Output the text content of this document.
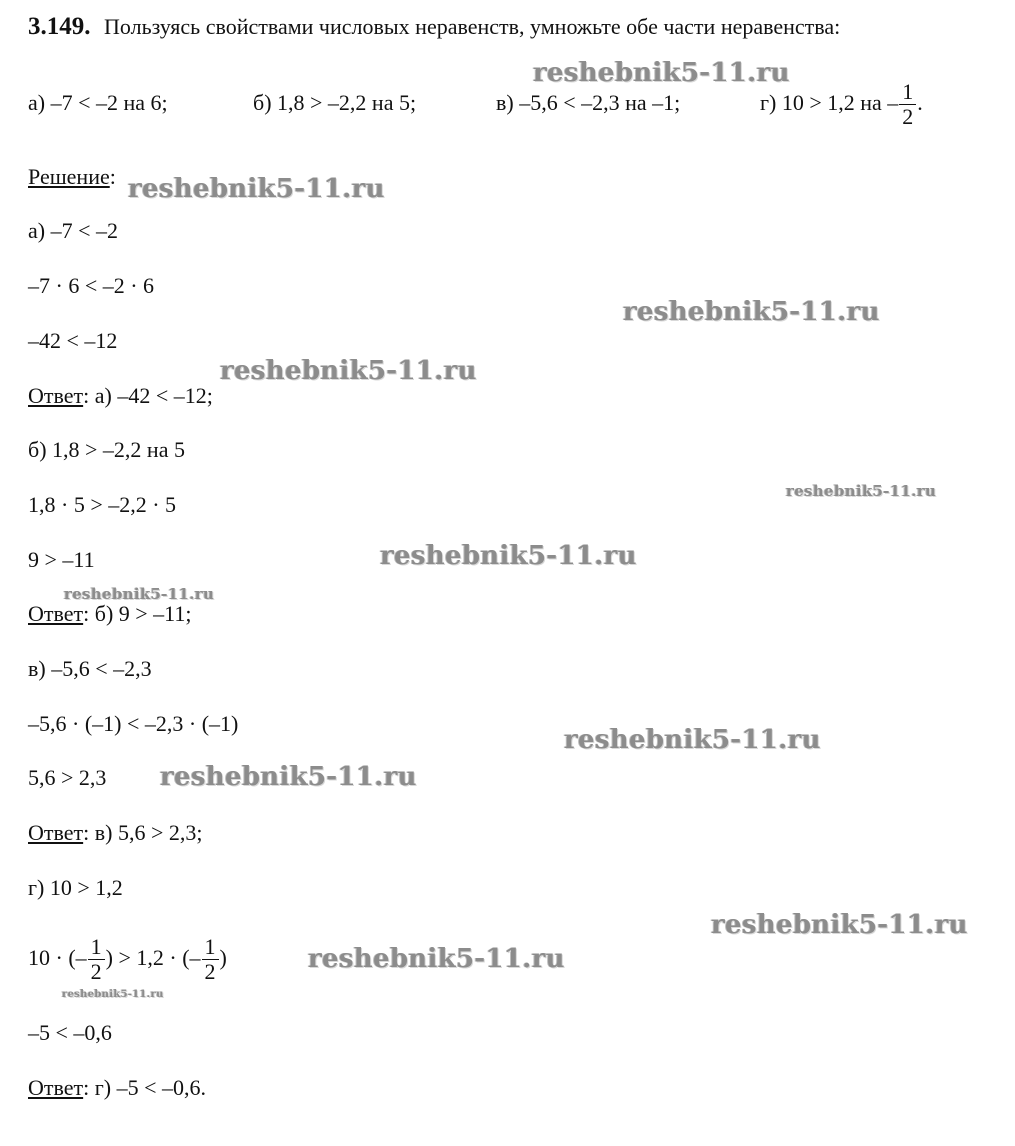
3.149. Пользуясь свойствами числовых неравенств, умножьте обе части неравенства:
а) –7 < –2 на 6;	б) 1,8 > –2,2 на 5;	в) –5,6 < –2,3 на –1;	г) 10 > 1,2 на – $\frac{1}{2}$ .
Решение:
а) –7 < –2
–7 · 6 < –2 · 6
–42 < –12
Ответ: а) –42 < –12;
б) 1,8 > –2,2 на 5
1,8 · 5 > –2,2 · 5
9 > –11
Ответ: б) 9 > –11;
в) –5,6 < –2,3
–5,6 · (–1) < –2,3 · (–1)
5,6 > 2,3
Ответ: в) 5,6 > 2,3;
г) 10 > 1,2
10 · (– $\frac{1}{2}$ ) > 1,2 · (– $\frac{1}{2}$ )
–5 < –0,6
Ответ: г) –5 < –0,6.
reshebnik5-11.ru
reshebnik5-11.ru
reshebnik5-11.ru
reshebnik5-11.ru
reshebnik5-11.ru
reshebnik5-11.ru
reshebnik5-11.ru
reshebnik5-11.ru
reshebnik5-11.ru
reshebnik5-11.ru
reshebnik5-11.ru
reshebnik5-11.ru
